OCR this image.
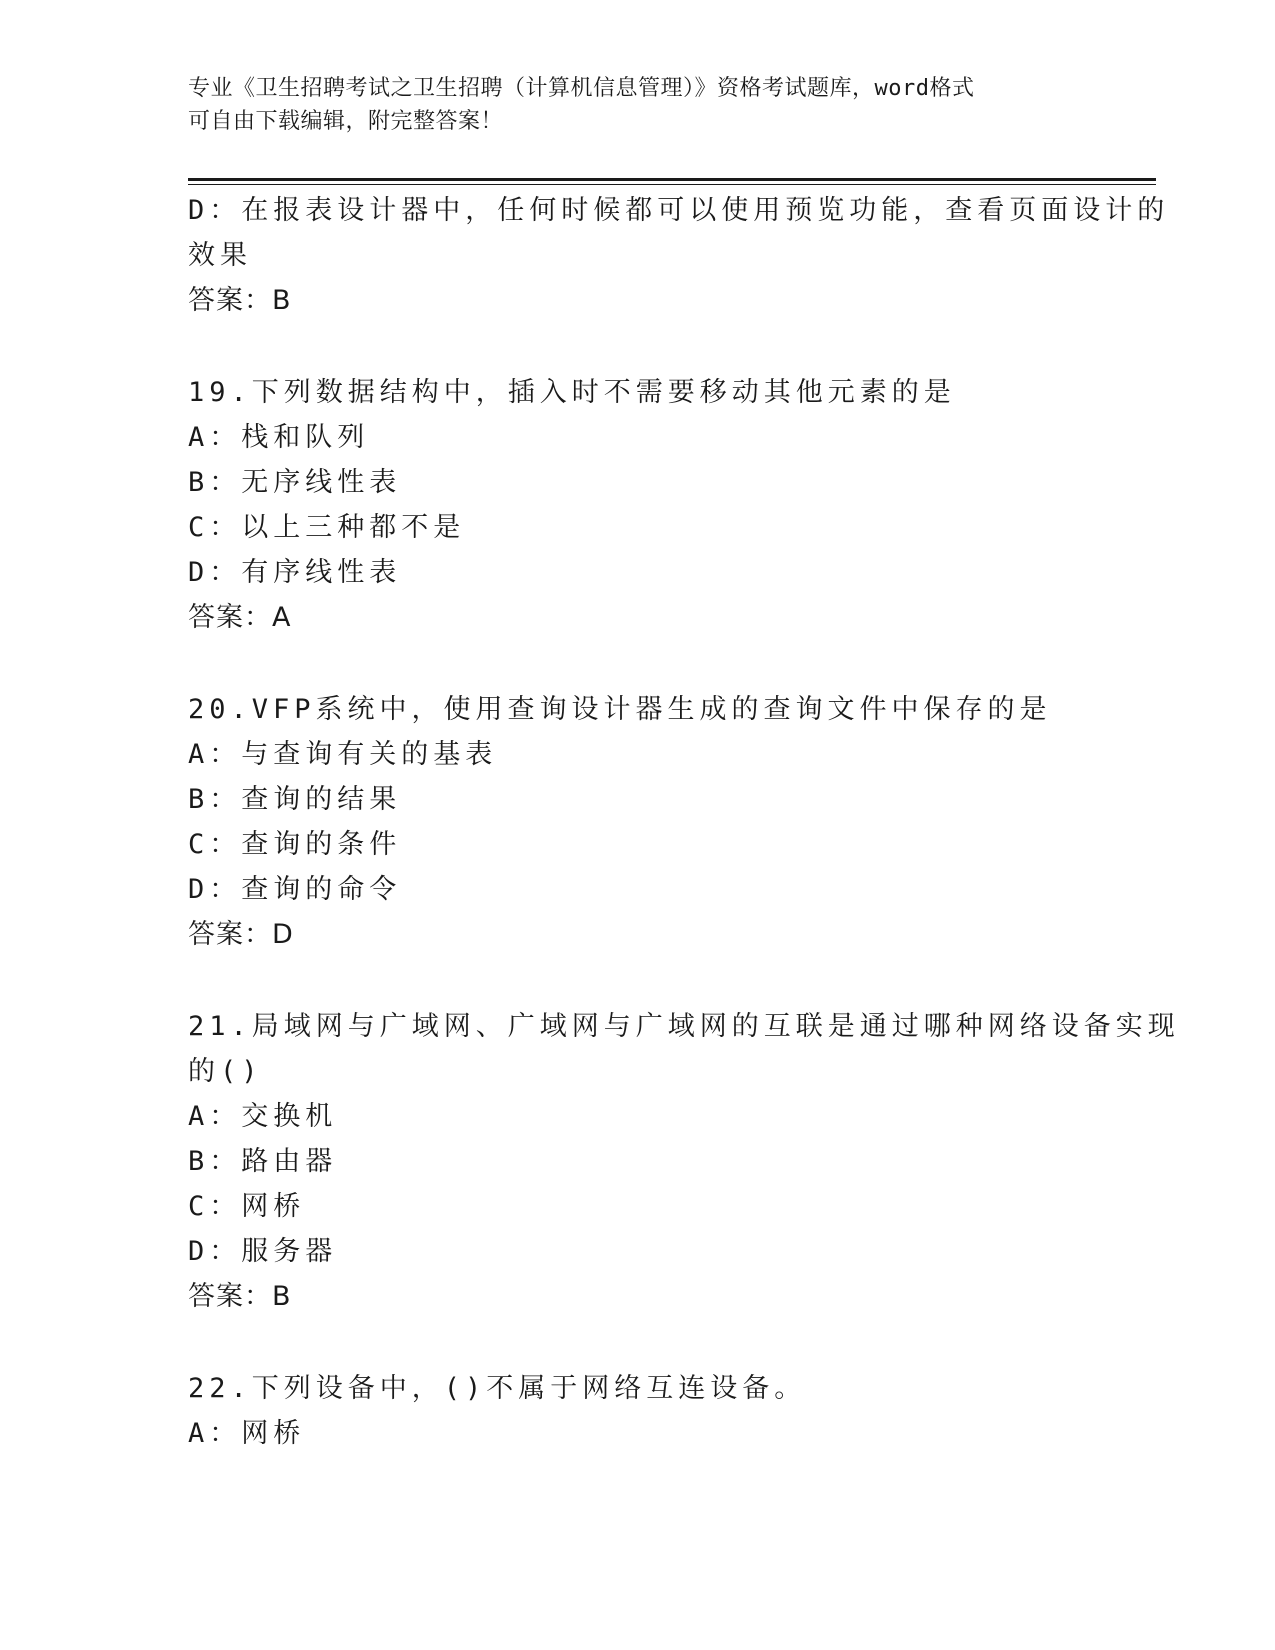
专业《卫生招聘考试之卫生招聘（计算机信息管理）》资格考试题库，word格式
可自由下载编辑，附完整答案！
D：在报表设计器中，任何时候都可以使用预览功能，查看页面设计的
效果
答案：B
19.下列数据结构中，插入时不需要移动其他元素的是
A：栈和队列
B：无序线性表
C：以上三种都不是
D：有序线性表
答案：A
20.VFP系统中，使用查询设计器生成的查询文件中保存的是
A：与查询有关的基表
B：查询的结果
C：查询的条件
D：查询的命令
答案：D
21.局域网与广域网、广域网与广域网的互联是通过哪种网络设备实现
的()
A：交换机
B：路由器
C：网桥
D：服务器
答案：B
22.下列设备中，()不属于网络互连设备。
A：网桥
